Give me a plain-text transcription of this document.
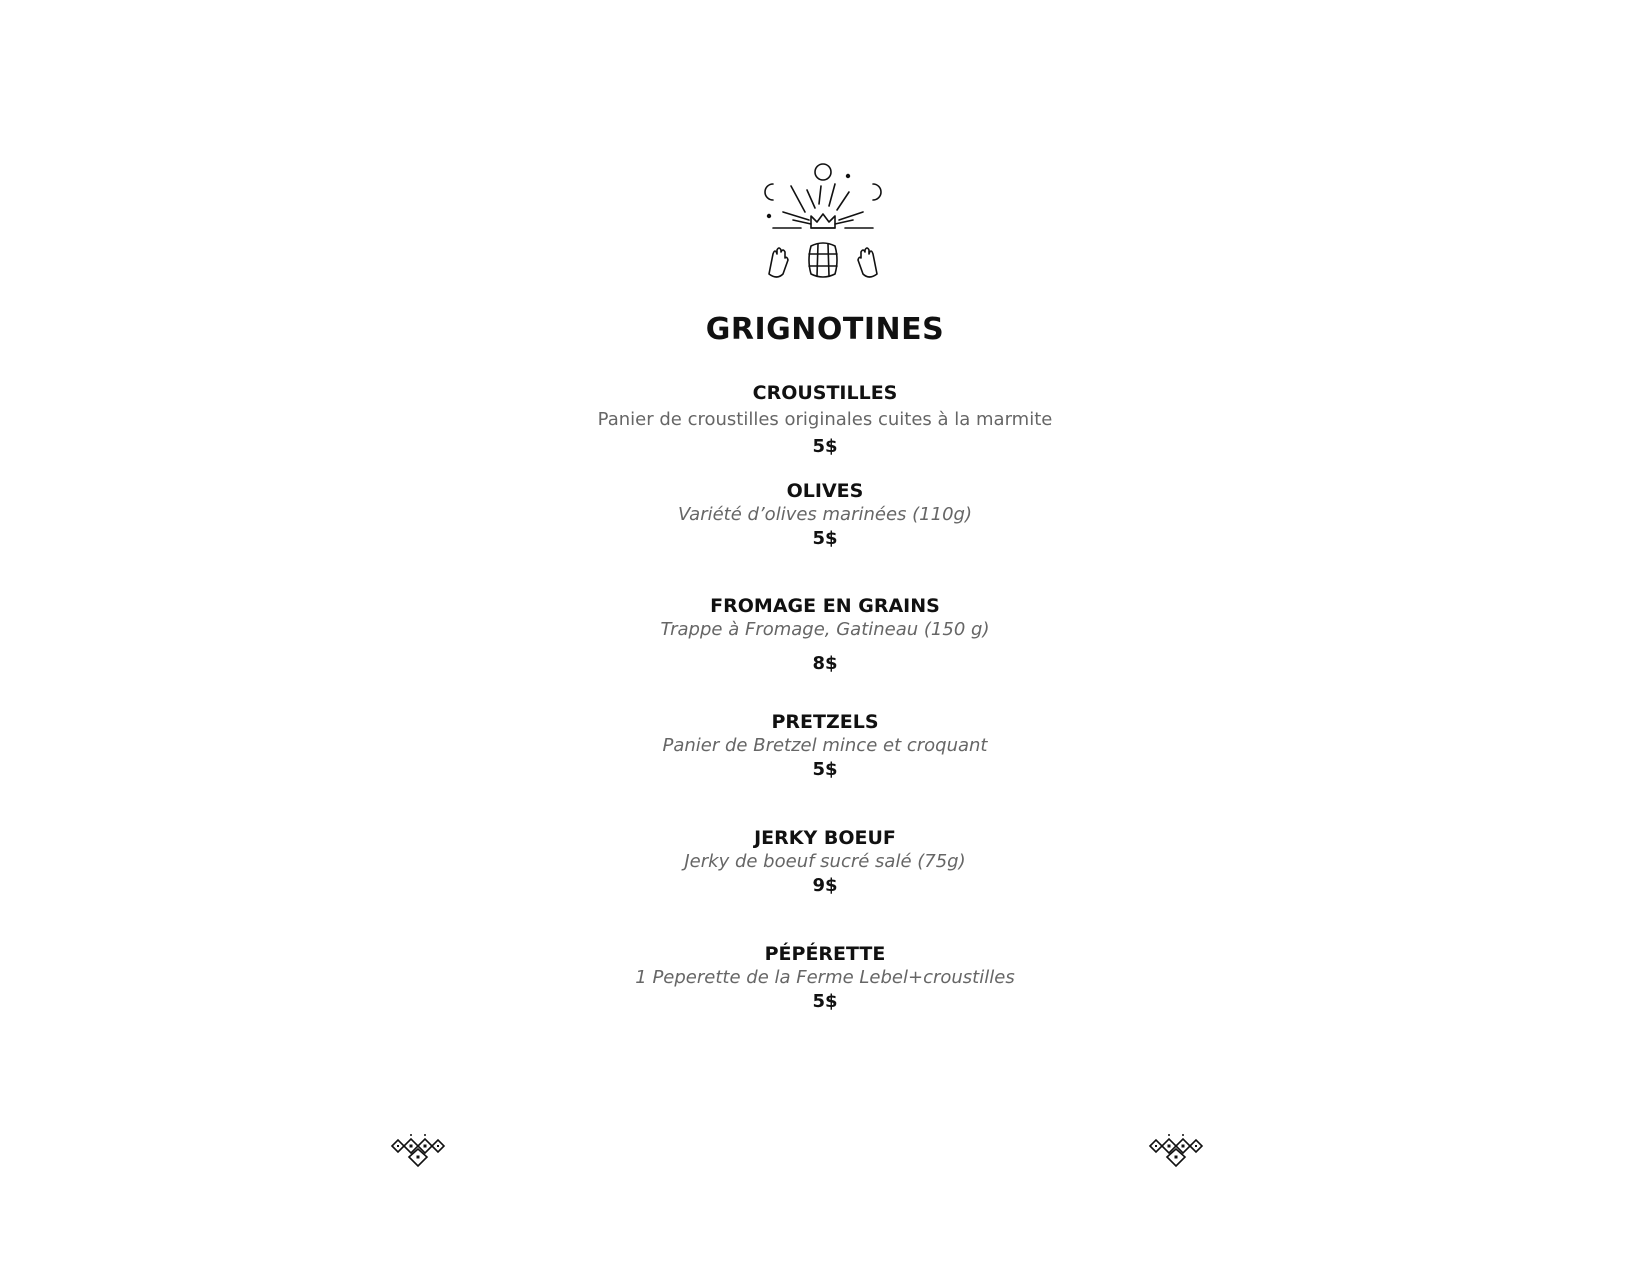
GRIGNOTINES
CROUSTILLES
Panier de croustilles originales cuites à la marmite
5$
OLIVES
Variété d’olives marinées (110g)
5$
FROMAGE EN GRAINS
Trappe à Fromage, Gatineau (150 g)
8$
PRETZELS
Panier de Bretzel mince et croquant
5$
JERKY BOEUF
Jerky de boeuf sucré salé (75g)
9$
PÉPÉRETTE
1 Peperette de la Ferme Lebel+croustilles
5$
